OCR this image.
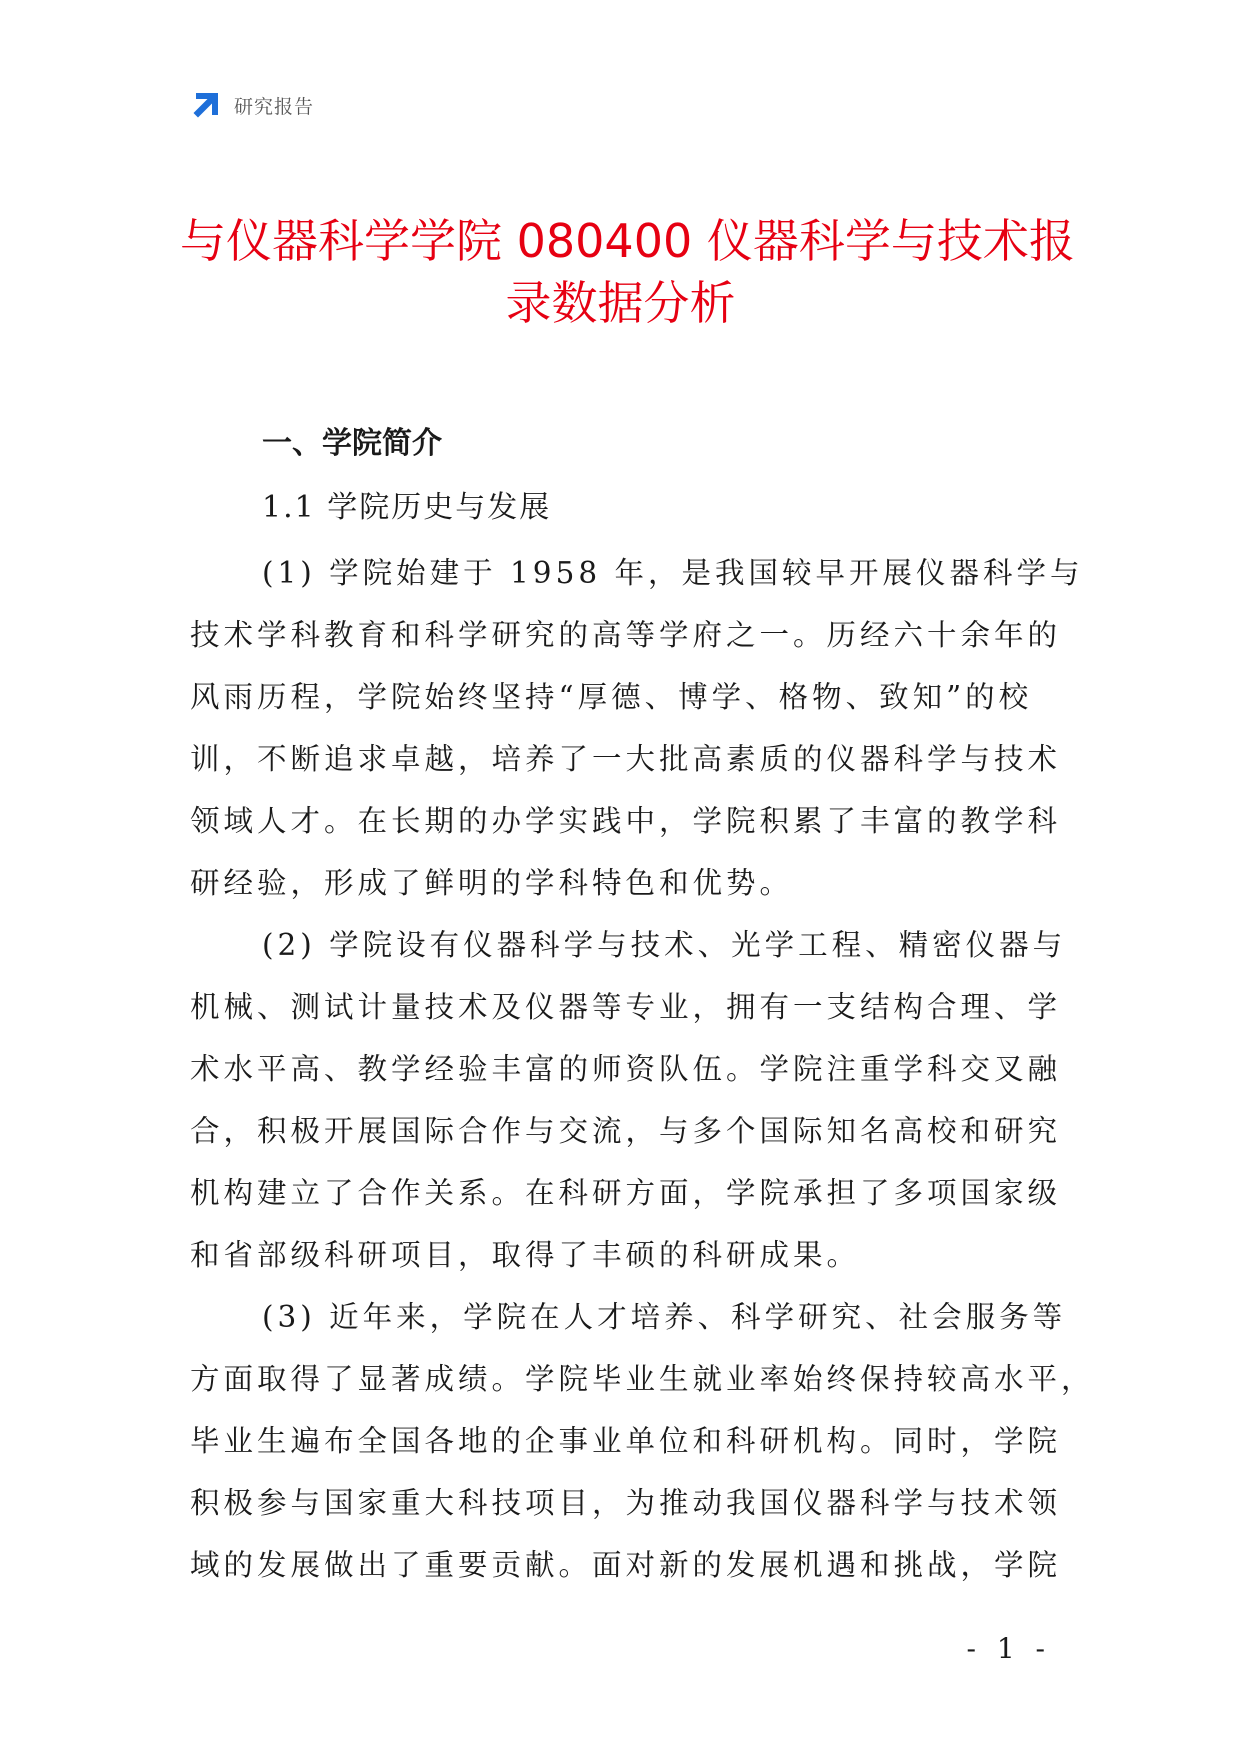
研究报告
与仪器科学学院 080400 仪器科学与技术报
录数据分析
一、学院简介
1.1 学院历史与发展

(1) 学院始建于 1958 年，是我国较早开展仪器科学与
技术学科教育和科学研究的高等学府之一。历经六十余年的
风雨历程，学院始终坚持“厚德、博学、格物、致知”的校
训，不断追求卓越，培养了一大批高素质的仪器科学与技术
领域人才。在长期的办学实践中，学院积累了丰富的教学科
研经验，形成了鲜明的学科特色和优势。

(2) 学院设有仪器科学与技术、光学工程、精密仪器与
机械、测试计量技术及仪器等专业，拥有一支结构合理、学
术水平高、教学经验丰富的师资队伍。学院注重学科交叉融
合，积极开展国际合作与交流，与多个国际知名高校和研究
机构建立了合作关系。在科研方面，学院承担了多项国家级
和省部级科研项目，取得了丰硕的科研成果。

(3) 近年来，学院在人才培养、科学研究、社会服务等
方面取得了显著成绩。学院毕业生就业率始终保持较高水平，
毕业生遍布全国各地的企事业单位和科研机构。同时，学院
积极参与国家重大科技项目，为推动我国仪器科学与技术领
域的发展做出了重要贡献。面对新的发展机遇和挑战，学院

- 1 -
